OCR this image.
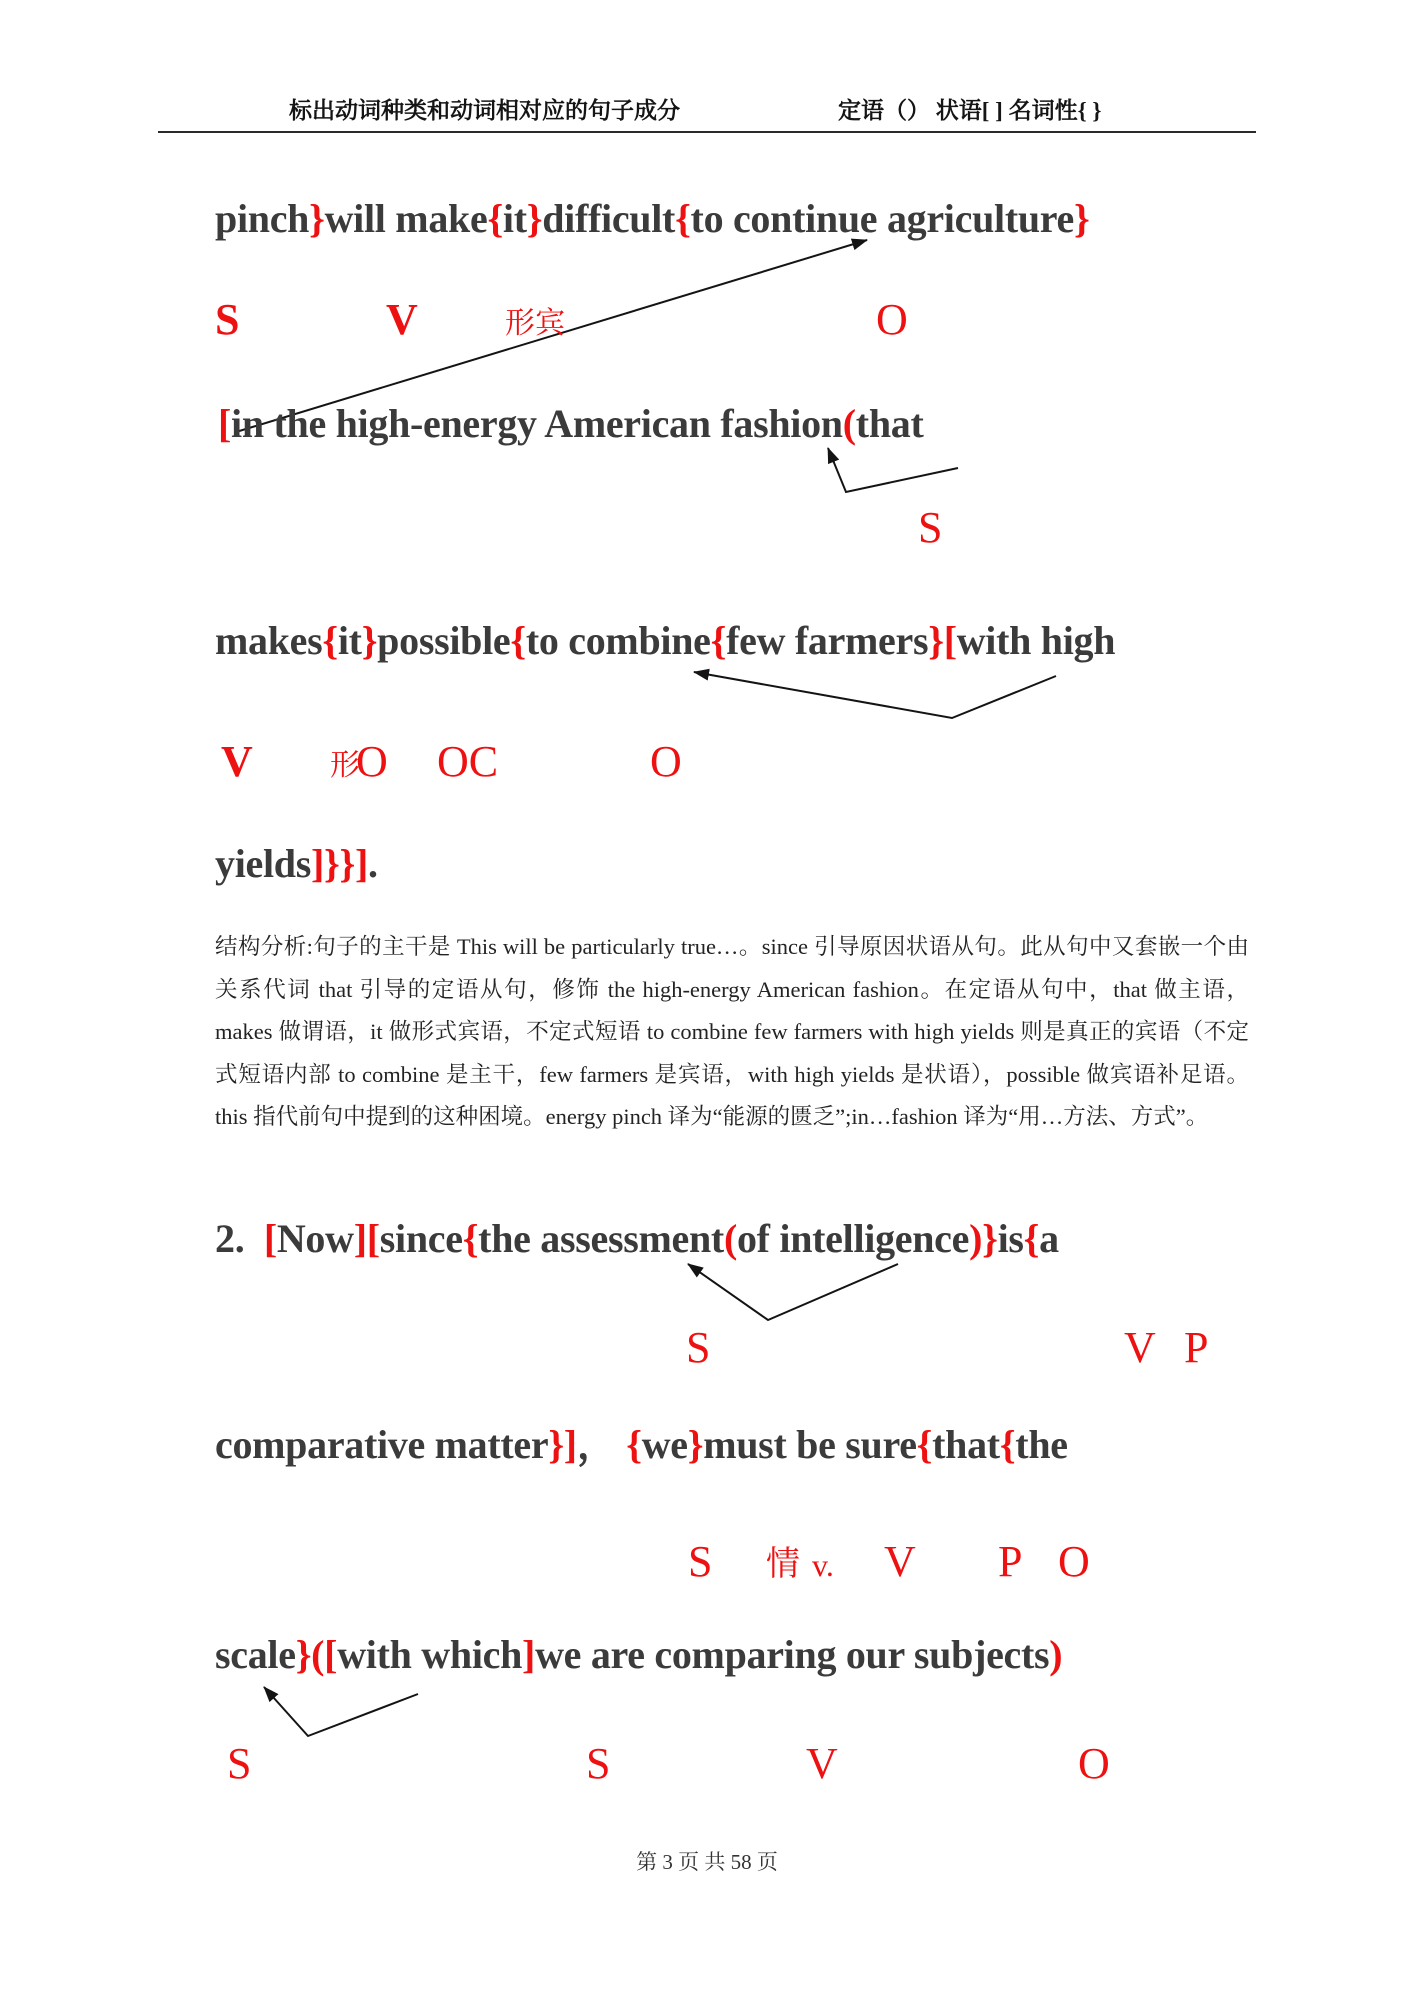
标出动词种类和动词相对应的句子成分	定语（） 状语[ ] 名词性{ }
pinch}will make{it}difficult{to continue agriculture}
[in the high-energy American fashion(that
makes{it}possible{to combine{few farmers}[with high
yields]}}].
2.  [Now][since{the assessment(of intelligence)}is{a
comparative matter}]， {we}must be sure{that{the
scale}([with which]we are comparing our subjects)
S	V	形宾	O
S
V	形
O OC	O
S	V P
S 情 v. V P O
S	S	V	O
结构分析:句子的主干是 This will be particularly true…。since 引导原因状语从句。此从句中又套嵌一个由关系代词 that 引导的定语从句，修饰 the high-energy American fashion。在定语从句中，that 做主语，makes 做谓语，it 做形式宾语，不定式短语 to combine few farmers with high yields 则是真正的宾语（不定式短语内部 to combine 是主干，few farmers 是宾语，with high yields 是状语），possible 做宾语补足语。this 指代前句中提到的这种困境。energy pinch 译为“能源的匮乏”;in…fashion 译为“用…方法、方式”。
第 3 页 共 58 页
